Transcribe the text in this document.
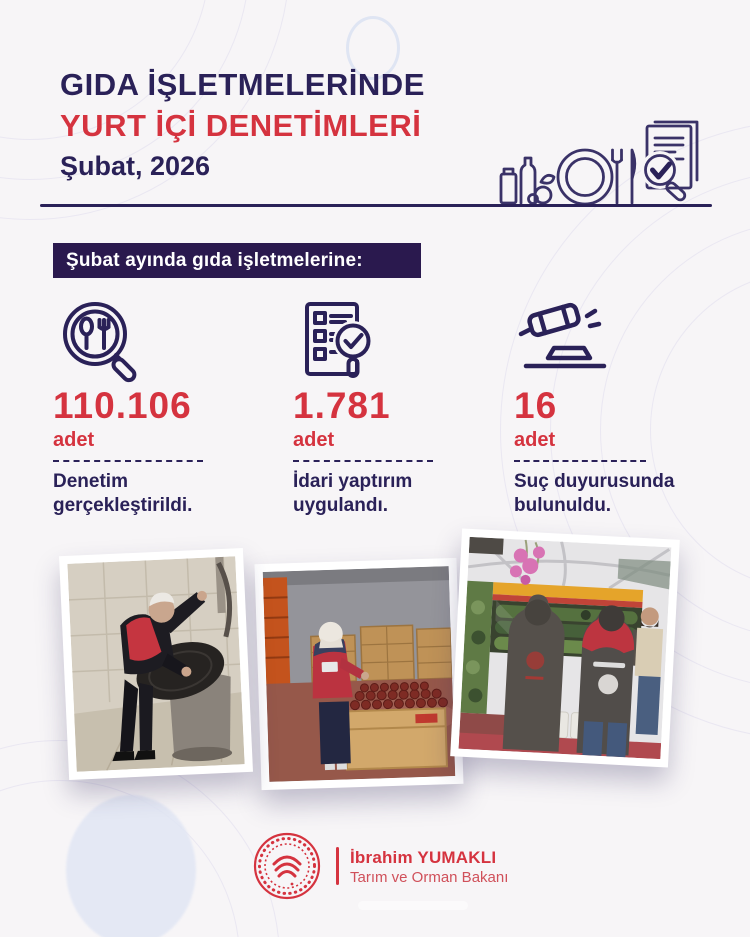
GIDA İŞLETMELERİNDE
YURT İÇİ DENETİMLERİ
Şubat, 2026
Şubat ayında gıda işletmelerine:
110.106
adet
Denetim gerçekleştirildi.
1.781
adet
İdari yaptırım uygulandı.
16
adet
Suç duyurusunda bulunuldu.
İbrahim YUMAKLI
Tarım ve Orman Bakanı
